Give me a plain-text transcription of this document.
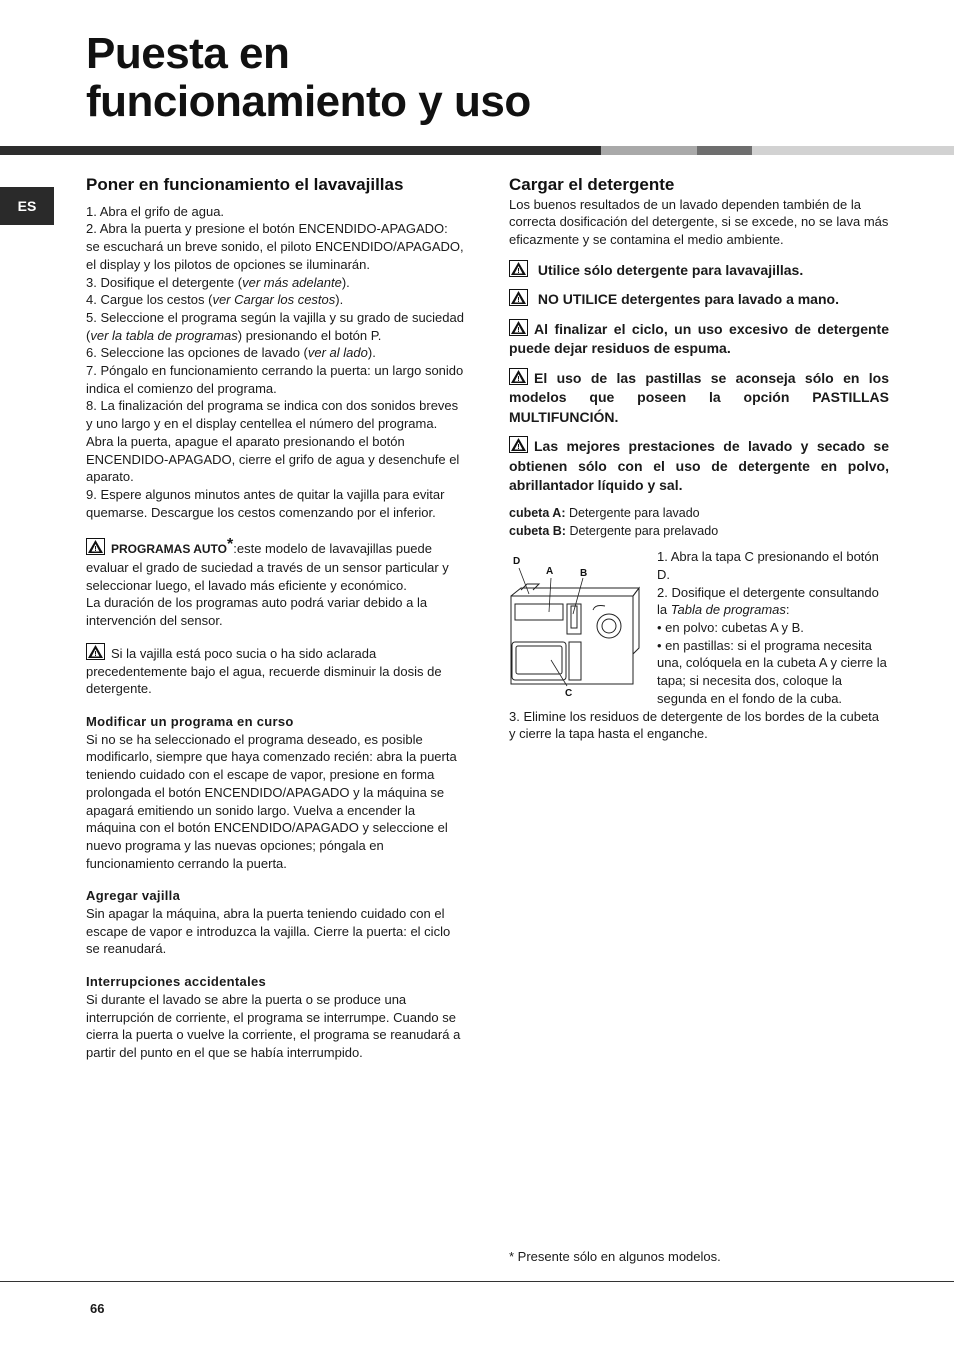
Puesta en
funcionamiento y uso
ES
Poner en funcionamiento el lavavajillas

1. Abra el grifo de agua.

2. Abra la puerta y presione el botón ENCENDIDO-APAGADO: se escuchará un breve sonido, el piloto ENCENDIDO/APAGADO, el display y los pilotos de opciones se iluminarán.

3. Dosifique el detergente (ver más adelante).

4. Cargue los cestos (ver Cargar los cestos).

5. Seleccione el programa según la vajilla y su grado de suciedad (ver la tabla de programas) presionando el botón P.

6. Seleccione las opciones de lavado (ver al lado).

7. Póngalo en funcionamiento cerrando la puerta: un largo sonido indica el comienzo del programa.

8. La finalización del programa se indica con dos sonidos breves y uno largo y en el display centellea el número del programa. Abra la puerta, apague el aparato presionando el botón ENCENDIDO-APAGADO, cierre el grifo de agua y desenchufe el aparato.

9. Espere algunos minutos antes de quitar la vajilla para evitar quemarse. Descargue los cestos comenzando por el inferior.

PROGRAMAS AUTO*:este modelo de lavavajillas puede evaluar el grado de suciedad a través de un sensor particular y seleccionar luego, el lavado más eficiente y económico.

La duración de los programas auto podrá variar debido a la intervención del sensor.

Si la vajilla está poco sucia o ha sido aclarada precedentemente bajo el agua, recuerde disminuir la dosis de detergente.

Modificar un programa en curso

Si no se ha seleccionado el programa deseado, es posible modificarlo, siempre que haya comenzado recién: abra la puerta teniendo cuidado con el escape de vapor, presione en forma prolongada el botón ENCENDIDO/APAGADO y la máquina se apagará emitiendo un sonido largo. Vuelva a encender la máquina con el botón ENCENDIDO/APAGADO y seleccione el nuevo programa y las nuevas opciones; póngala en funcionamiento cerrando la puerta.

Agregar vajilla

Sin apagar la máquina, abra la puerta teniendo cuidado con el escape de vapor e introduzca la vajilla. Cierre la puerta: el ciclo se reanudará.

Interrupciones accidentales

Si durante el lavado se abre la puerta o se produce una interrupción de corriente, el programa se interrumpe. Cuando se cierra la puerta o vuelve la corriente, el programa se reanudará a partir del punto en el que se había interrumpido.

Cargar el detergente

Los buenos resultados de un lavado dependen también de la correcta dosificación del detergente, si se excede, no se lava más eficazmente y se contamina el medio ambiente.

Utilice sólo detergente para lavavajillas.

NO UTILICE detergentes para lavado a mano.

Al finalizar el ciclo, un uso excesivo de detergente puede dejar residuos de espuma.

El uso de las pastillas se aconseja sólo en los modelos que poseen la opción PASTILLAS MULTIFUNCIÓN.

Las mejores prestaciones de lavado y secado se obtienen sólo con el uso de detergente en polvo, abrillantador líquido y sal.

cubeta A: Detergente para lavado

cubeta B: Detergente para prelavado

D
A	B
C

1. Abra la tapa C presionando el botón D.

2. Dosifique el detergente consultando la Tabla de programas:

• en polvo: cubetas A y B.

• en pastillas: si el programa necesita una, colóquela en la cubeta A y cierre la tapa; si necesita dos, coloque la segunda en el fondo de la cuba.

3. Elimine los residuos de detergente de los bordes de la cubeta y cierre la tapa hasta el enganche.

* Presente sólo en algunos modelos.
66
